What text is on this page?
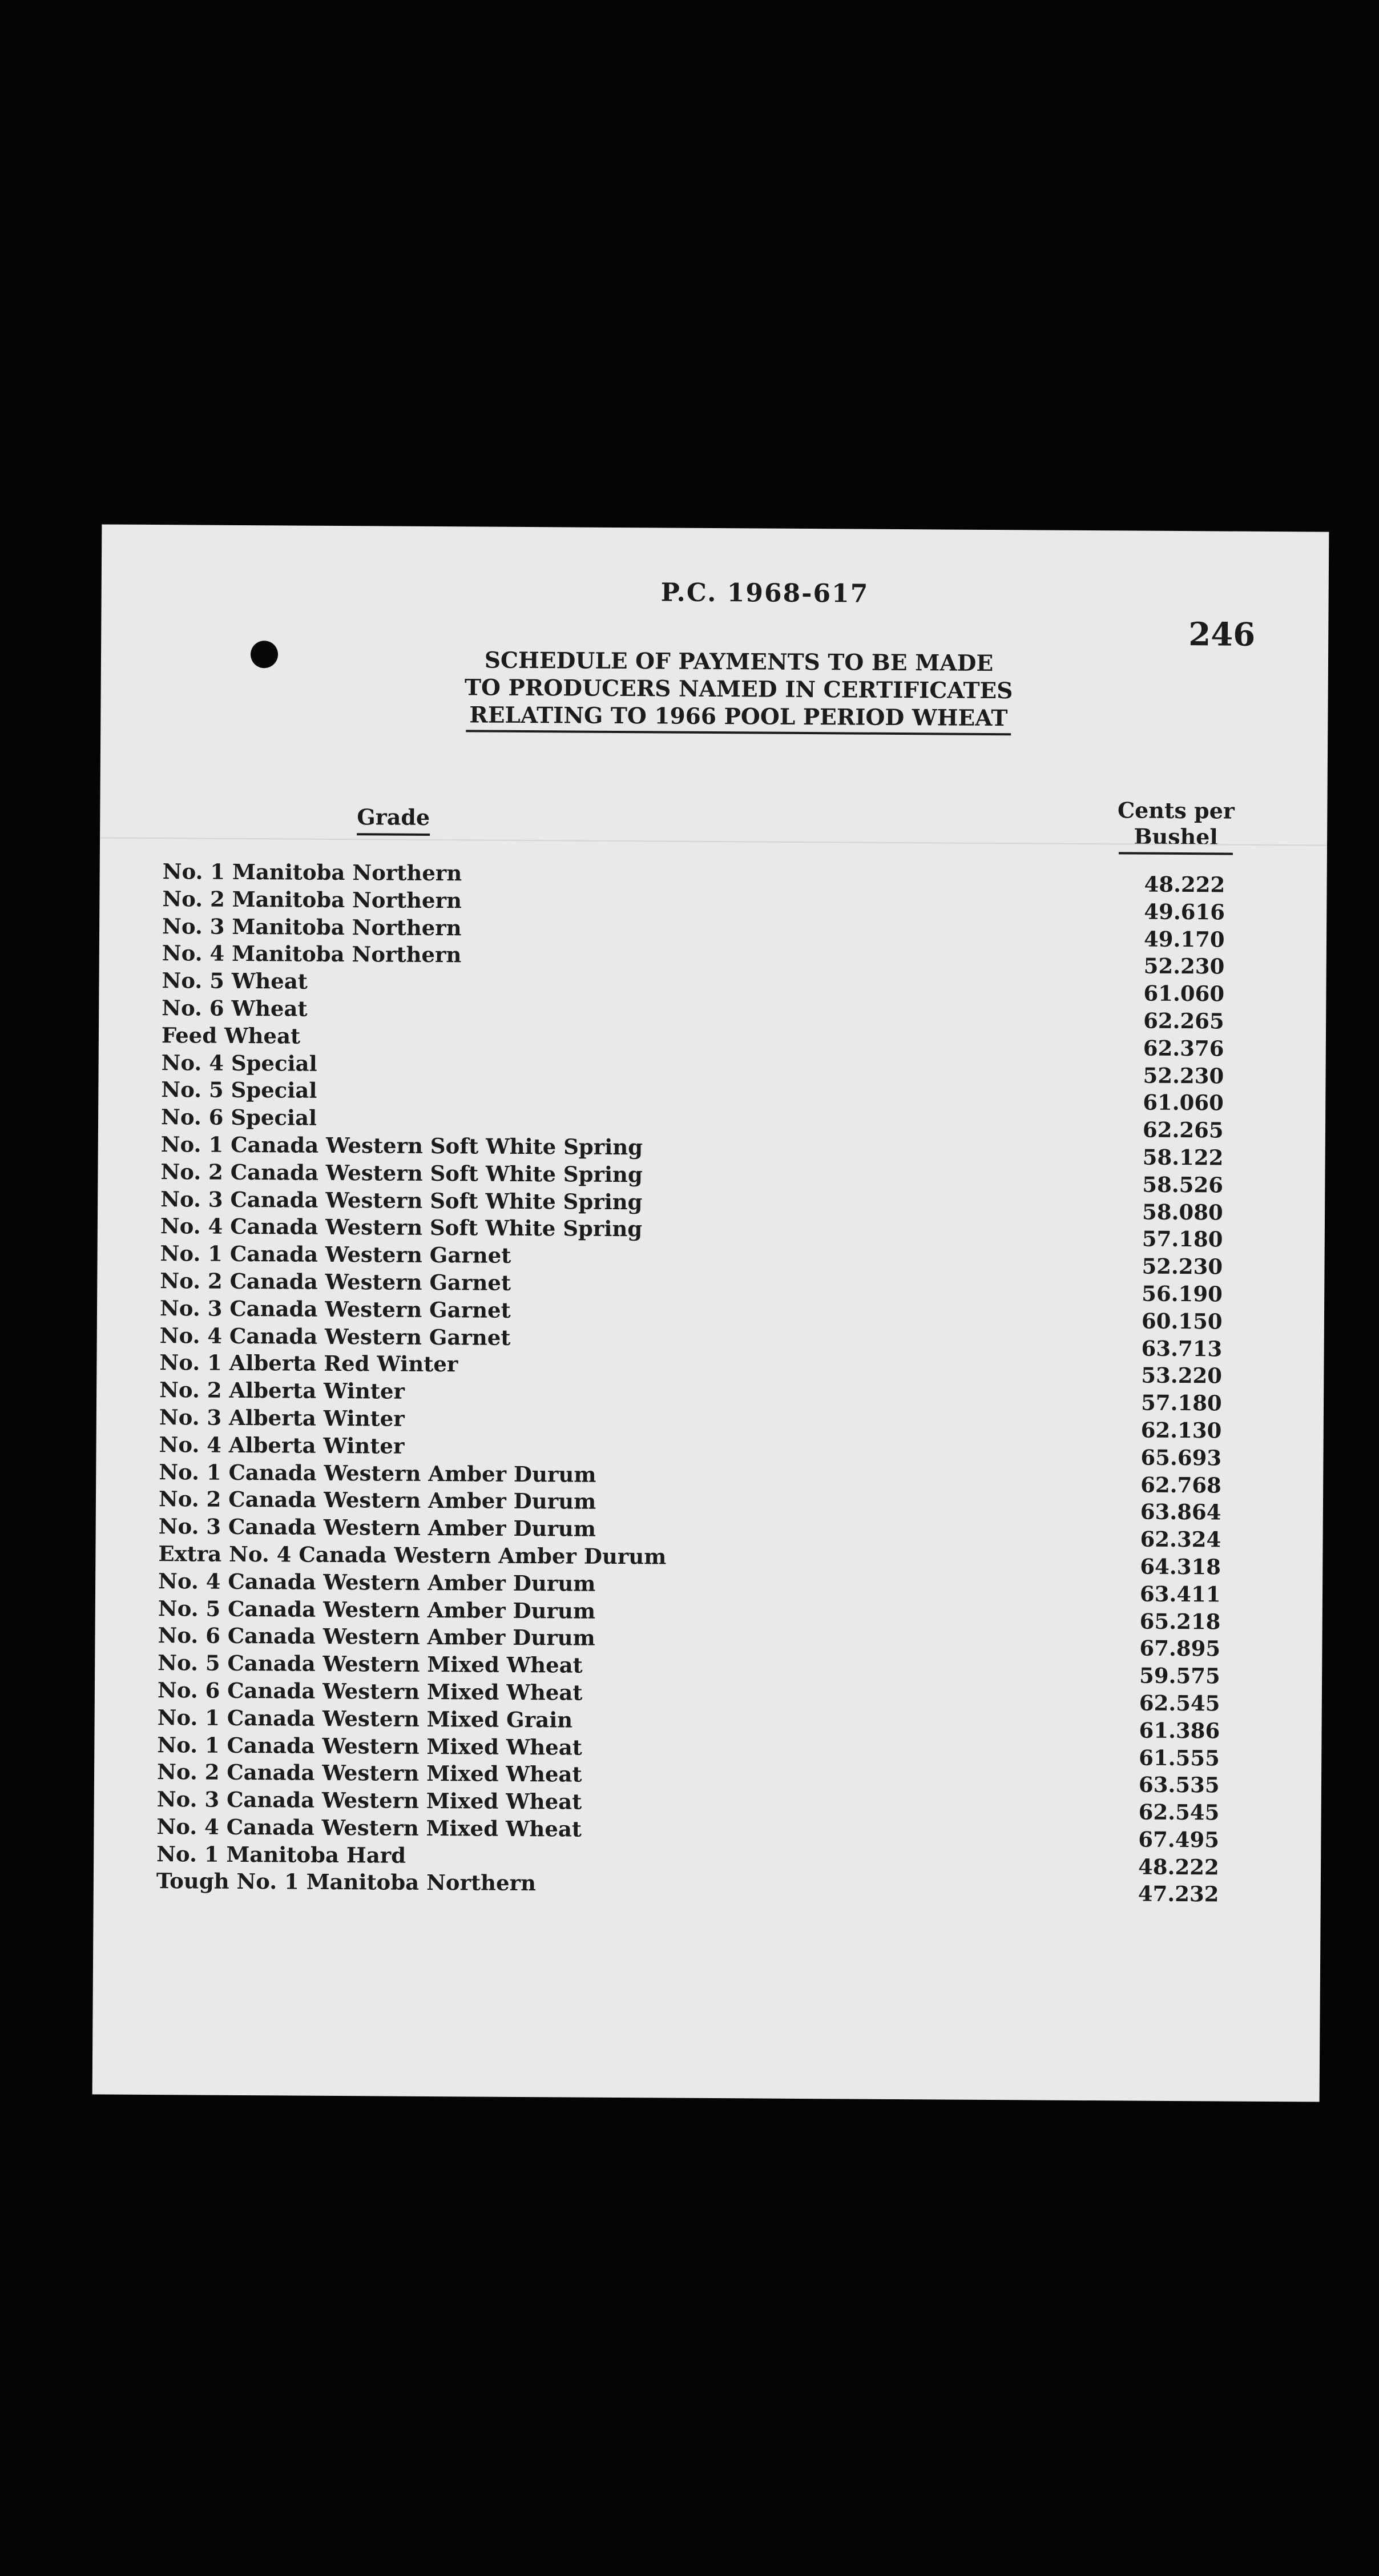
P.C. 1968-617
246
SCHEDULE OF PAYMENTS TO BE MADE
TO PRODUCERS NAMED IN CERTIFICATES
RELATING TO 1966 POOL PERIOD WHEAT
Grade	Cents per
Bushel
No. 1 Manitoba Northern	48.222
No. 2 Manitoba Northern	49.616
No. 3 Manitoba Northern	49.170
No. 4 Manitoba Northern	52.230
No. 5 Wheat	61.060
No. 6 Wheat	62.265
Feed Wheat	62.376
No. 4 Special	52.230
No. 5 Special	61.060
No. 6 Special	62.265
No. 1 Canada Western Soft White Spring	58.122
No. 2 Canada Western Soft White Spring	58.526
No. 3 Canada Western Soft White Spring	58.080
No. 4 Canada Western Soft White Spring	57.180
No. 1 Canada Western Garnet	52.230
No. 2 Canada Western Garnet	56.190
No. 3 Canada Western Garnet	60.150
No. 4 Canada Western Garnet	63.713
No. 1 Alberta Red Winter	53.220
No. 2 Alberta Winter	57.180
No. 3 Alberta Winter	62.130
No. 4 Alberta Winter	65.693
No. 1 Canada Western Amber Durum	62.768
No. 2 Canada Western Amber Durum	63.864
No. 3 Canada Western Amber Durum	62.324
Extra No. 4 Canada Western Amber Durum	64.318
No. 4 Canada Western Amber Durum	63.411
No. 5 Canada Western Amber Durum	65.218
No. 6 Canada Western Amber Durum	67.895
No. 5 Canada Western Mixed Wheat	59.575
No. 6 Canada Western Mixed Wheat	62.545
No. 1 Canada Western Mixed Grain	61.386
No. 1 Canada Western Mixed Wheat	61.555
No. 2 Canada Western Mixed Wheat	63.535
No. 3 Canada Western Mixed Wheat	62.545
No. 4 Canada Western Mixed Wheat	67.495
No. 1 Manitoba Hard	48.222
Tough No. 1 Manitoba Northern	47.232
